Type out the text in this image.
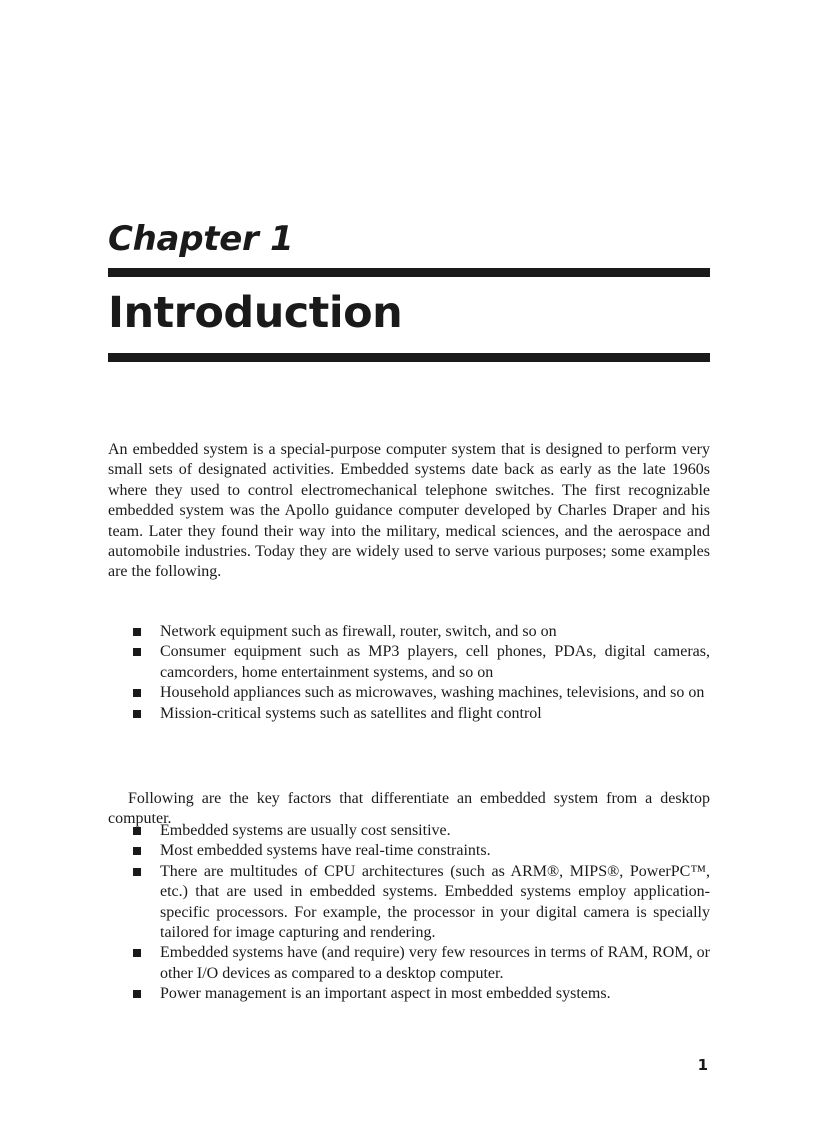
Chapter 1
Introduction

An embedded system is a special-purpose computer system that is designed to perform very small sets of designated activities. Embedded systems date back as early as the late 1960s where they used to control electromechanical telephone switches. The first recognizable embedded system was the Apollo guidance computer developed by Charles Draper and his team. Later they found their way into the military, medical sciences, and the aerospace and automobile industries. Today they are widely used to serve various purposes; some examples are the following.

Network equipment such as firewall, router, switch, and so on
Consumer equipment such as MP3 players, cell phones, PDAs, digital cameras, camcorders, home entertainment systems, and so on
Household appliances such as microwaves, washing machines, televisions, and so on
Mission-critical systems such as satellites and flight control

Following are the key factors that differentiate an embedded system from a desktop computer.

Embedded systems are usually cost sensitive.
Most embedded systems have real-time constraints.
There are multitudes of CPU architectures (such as ARM®, MIPS®, PowerPC™, etc.) that are used in embedded systems. Embedded systems employ application-specific processors. For example, the processor in your digital camera is specially tailored for image capturing and rendering.
Embedded systems have (and require) very few resources in terms of RAM, ROM, or other I/O devices as compared to a desktop computer.
Power management is an important aspect in most embedded systems.

1
